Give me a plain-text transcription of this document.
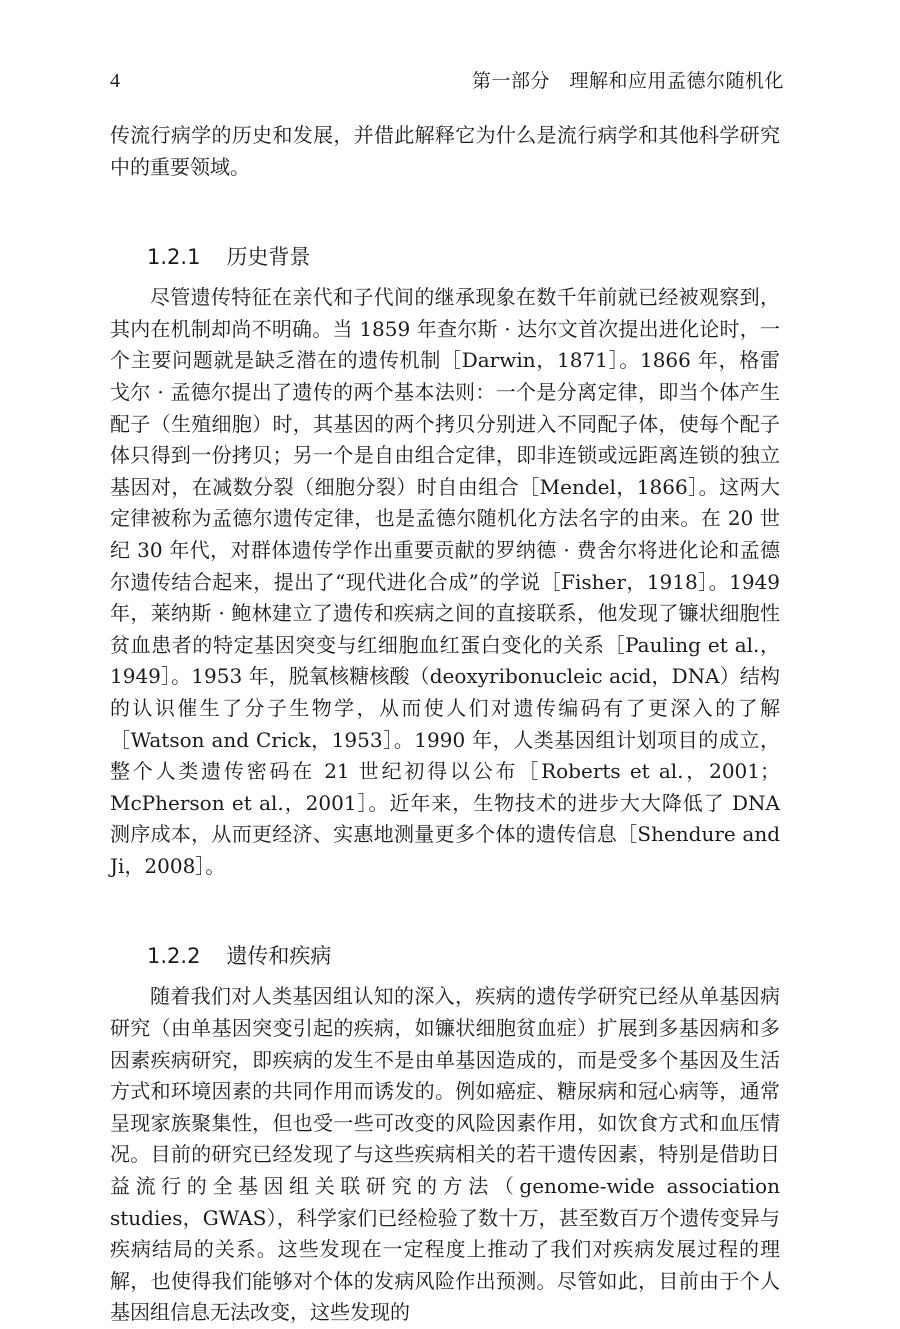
4	第一部分　理解和应用孟德尔随机化

传流行病学的历史和发展，并借此解释它为什么是流行病学和其他科学研究中的重要领域。

1.2.1 历史背景

尽管遗传特征在亲代和子代间的继承现象在数千年前就已经被观察到，其内在机制却尚不明确。当 1859 年查尔斯 · 达尔文首次提出进化论时，一个主要问题就是缺乏潜在的遗传机制［Darwin，1871］。1866 年，格雷戈尔 · 孟德尔提出了遗传的两个基本法则：一个是分离定律，即当个体产生配子（生殖细胞）时，其基因的两个拷贝分别进入不同配子体，使每个配子体只得到一份拷贝；另一个是自由组合定律，即非连锁或远距离连锁的独立基因对，在减数分裂（细胞分裂）时自由组合［Mendel，1866］。这两大定律被称为孟德尔遗传定律，也是孟德尔随机化方法名字的由来。在 20 世纪 30 年代，对群体遗传学作出重要贡献的罗纳德 · 费舍尔将进化论和孟德尔遗传结合起来，提出了“现代进化合成”的学说［Fisher，1918］。1949 年，莱纳斯 · 鲍林建立了遗传和疾病之间的直接联系，他发现了镰状细胞性贫血患者的特定基因突变与红细胞血红蛋白变化的关系［Pauling et al.，1949］。1953 年，脱氧核糖核酸（deoxyribonucleic acid，DNA）结构的认识催生了分子生物学，从而使人们对遗传编码有了更深入的了解［Watson and Crick，1953］。1990 年，人类基因组计划项目的成立，整个人类遗传密码在 21 世纪初得以公布［Roberts et al.，2001；McPherson et al.，2001］。近年来，生物技术的进步大大降低了 DNA 测序成本，从而更经济、实惠地测量更多个体的遗传信息［Shendure and Ji，2008］。

1.2.2 遗传和疾病

随着我们对人类基因组认知的深入，疾病的遗传学研究已经从单基因病研究（由单基因突变引起的疾病，如镰状细胞贫血症）扩展到多基因病和多因素疾病研究，即疾病的发生不是由单基因造成的，而是受多个基因及生活方式和环境因素的共同作用而诱发的。例如癌症、糖尿病和冠心病等，通常呈现家族聚集性，但也受一些可改变的风险因素作用，如饮食方式和血压情况。目前的研究已经发现了与这些疾病相关的若干遗传因素，特别是借助日益流行的全基因组关联研究的方法（genome-wide association studies，GWAS），科学家们已经检验了数十万，甚至数百万个遗传变异与疾病结局的关系。这些发现在一定程度上推动了我们对疾病发展过程的理解，也使得我们能够对个体的发病风险作出预测。尽管如此，目前由于个人基因组信息无法改变，这些发现的
